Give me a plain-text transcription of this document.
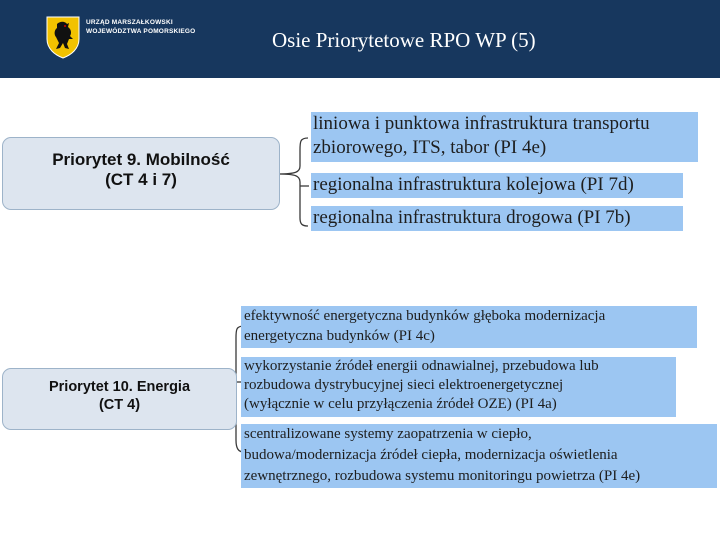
URZĄD MARSZAŁKOWSKI
WOJEWÓDZTWA POMORSKIEGO	Osie Priorytetowe RPO WP (5)
Priorytet 9. Mobilność
(CT 4 i 7)
liniowa i punktowa infrastruktura transportu
zbiorowego, ITS, tabor (PI 4e)
regionalna infrastruktura kolejowa (PI 7d)
regionalna infrastruktura drogowa (PI 7b)
Priorytet 10. Energia
(CT 4)
efektywność energetyczna budynków głęboka modernizacja
energetyczna budynków (PI 4c)
wykorzystanie źródeł energii odnawialnej, przebudowa lub
rozbudowa dystrybucyjnej sieci elektroenergetycznej
(wyłącznie w celu przyłączenia źródeł OZE) (PI 4a)
scentralizowane systemy zaopatrzenia w ciepło,
budowa/modernizacja źródeł ciepła, modernizacja oświetlenia
zewnętrznego, rozbudowa systemu monitoringu powietrza (PI 4e)
